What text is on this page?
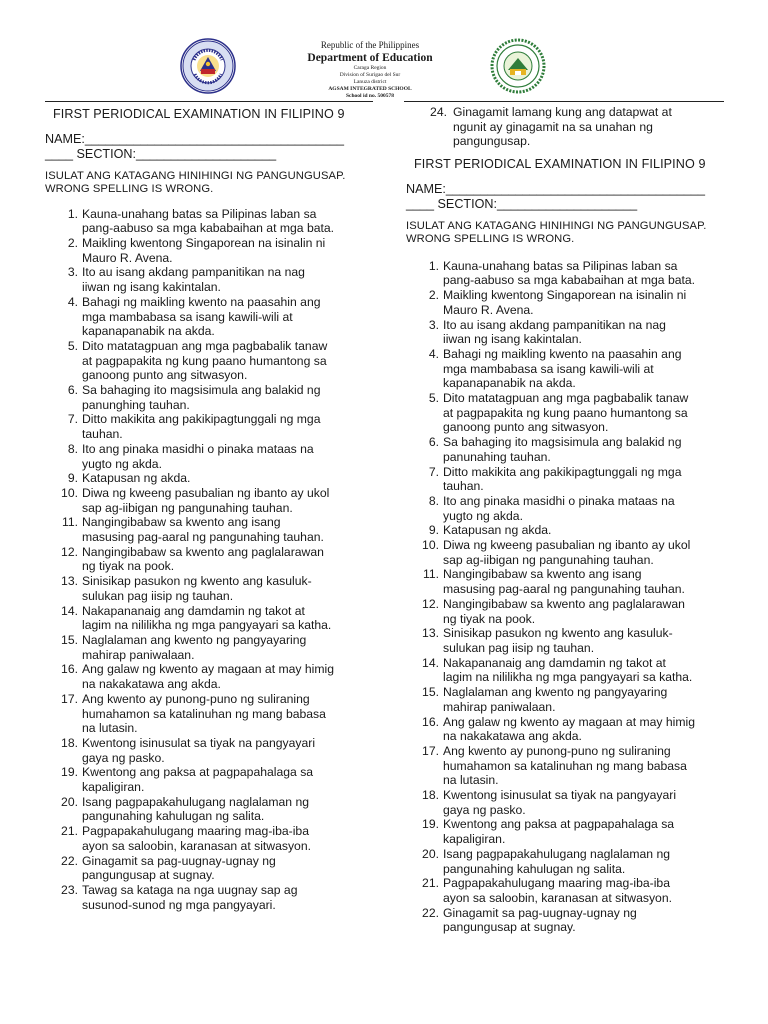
Republic of the Philippines
Department of Education
Caraga Region
Division of Surigao del Sur
Lanuza district
AGSAM INTEGRATED SCHOOL
School id no. 500578
FIRST PERIODICAL EXAMINATION IN FILIPINO 9
NAME:_____________________________________
____ SECTION:____________________
ISULAT ANG KATAGANG HINIHINGI NG PANGUNGUSAP.
WRONG SPELLING IS WRONG.
1. Kauna-unahang batas sa Pilipinas laban sa
pang-aabuso sa mga kababaihan at mga bata.
2. Maikling kwentong Singaporean na isinalin ni
Mauro R. Avena.
3. Ito au isang akdang pampanitikan na nag
iiwan ng isang kakintalan.
4. Bahagi ng maikling kwento na paasahin ang
mga mambabasa sa isang kawili-wili at
kapanapanabik na akda.
5. Dito matatagpuan ang mga pagbabalik tanaw
at pagpapakita ng kung paano humantong sa
ganoong punto ang sitwasyon.
6. Sa bahaging ito magsisimula ang balakid ng
panunghing tauhan.
7. Ditto makikita ang pakikipagtunggali ng mga
tauhan.
8. Ito ang pinaka masidhi o pinaka mataas na
yugto ng akda.
9. Katapusan ng akda.
10. Diwa ng kweeng pasubalian ng ibanto ay ukol
sap ag-iibigan ng pangunahing tauhan.
11. Nangingibabaw sa kwento ang isang
masusing pag-aaral ng pangunahing tauhan.
12. Nangingibabaw sa kwento ang paglalarawan
ng tiyak na pook.
13. Sinisikap pasukon ng kwento ang kasuluk-
sulukan pag iisip ng tauhan.
14. Nakapananaig ang damdamin ng takot at
lagim na nililikha ng mga pangyayari sa katha.
15. Naglalaman ang kwento ng pangyayaring
mahirap paniwalaan.
16. Ang galaw ng kwento ay magaan at may himig
na nakakatawa ang akda.
17. Ang kwento ay punong-puno ng suliraning
humahamon sa katalinuhan ng mang babasa
na lutasin.
18. Kwentong isinusulat sa tiyak na pangyayari
gaya ng pasko.
19. Kwentong ang paksa at pagpapahalaga sa
kapaligiran.
20. Isang pagpapakahulugang naglalaman ng
pangunahing kahulugan ng salita.
21. Pagpapakahulugang maaring mag-iba-iba
ayon sa saloobin, karanasan at sitwasyon.
22. Ginagamit sa pag-uugnay-ugnay ng
pangungusap at sugnay.
23. Tawag sa kataga na nga uugnay sap ag
susunod-sunod ng mga pangyayari.
24. Ginagamit lamang kung ang datapwat at
ngunit ay ginagamit na sa unahan ng
pangungusap.
FIRST PERIODICAL EXAMINATION IN FILIPINO 9
NAME:_____________________________________
____ SECTION:____________________
ISULAT ANG KATAGANG HINIHINGI NG PANGUNGUSAP.
WRONG SPELLING IS WRONG.
1. Kauna-unahang batas sa Pilipinas laban sa
pang-aabuso sa mga kababaihan at mga bata.
2. Maikling kwentong Singaporean na isinalin ni
Mauro R. Avena.
3. Ito au isang akdang pampanitikan na nag
iiwan ng isang kakintalan.
4. Bahagi ng maikling kwento na paasahin ang
mga mambabasa sa isang kawili-wili at
kapanapanabik na akda.
5. Dito matatagpuan ang mga pagbabalik tanaw
at pagpapakita ng kung paano humantong sa
ganoong punto ang sitwasyon.
6. Sa bahaging ito magsisimula ang balakid ng
panunahing tauhan.
7. Ditto makikita ang pakikipagtunggali ng mga
tauhan.
8. Ito ang pinaka masidhi o pinaka mataas na
yugto ng akda.
9. Katapusan ng akda.
10. Diwa ng kweeng pasubalian ng ibanto ay ukol
sap ag-iibigan ng pangunahing tauhan.
11. Nangingibabaw sa kwento ang isang
masusing pag-aaral ng pangunahing tauhan.
12. Nangingibabaw sa kwento ang paglalarawan
ng tiyak na pook.
13. Sinisikap pasukon ng kwento ang kasuluk-
sulukan pag iisip ng tauhan.
14. Nakapananaig ang damdamin ng takot at
lagim na nililikha ng mga pangyayari sa katha.
15. Naglalaman ang kwento ng pangyayaring
mahirap paniwalaan.
16. Ang galaw ng kwento ay magaan at may himig
na nakakatawa ang akda.
17. Ang kwento ay punong-puno ng suliraning
humahamon sa katalinuhan ng mang babasa
na lutasin.
18. Kwentong isinusulat sa tiyak na pangyayari
gaya ng pasko.
19. Kwentong ang paksa at pagpapahalaga sa
kapaligiran.
20. Isang pagpapakahulugang naglalaman ng
pangunahing kahulugan ng salita.
21. Pagpapakahulugang maaring mag-iba-iba
ayon sa saloobin, karanasan at sitwasyon.
22. Ginagamit sa pag-uugnay-ugnay ng
pangungusap at sugnay.
